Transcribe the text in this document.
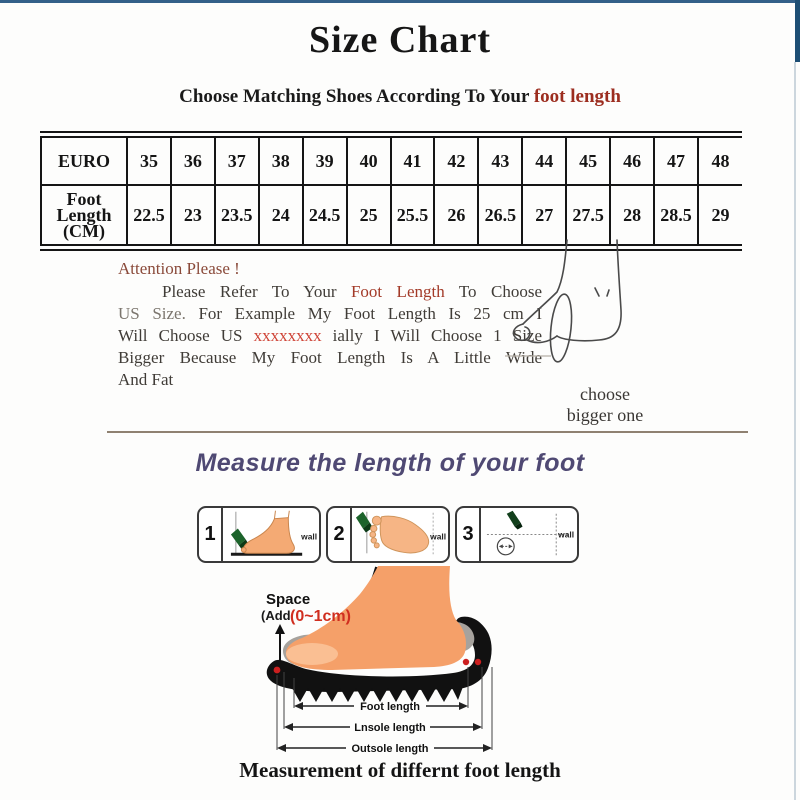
Size Chart
Choose Matching Shoes According To Your foot length
EURO	35	36	37	38	39	40	41	42	43	44	45	46	47	48
Foot
Length
(CM)	22.5	23	23.5	24	24.5	25	25.5	26	26.5	27	27.5	28	28.5	29
Attention Please !
Please Refer To Your Foot Length To Choose
US Size. For Example My Foot Length Is 25 cm I
Will Choose US xxxxxxxx ially I Will Choose 1 Size
Bigger Because My Foot Length Is A Little Wide
And Fat
choose
bigger one
Measure the length of your foot
1	wall 2	wall 3	wall
Space
(Add (0~1cm)
Foot length
Lnsole length
Outsole length
Measurement of differnt foot length
